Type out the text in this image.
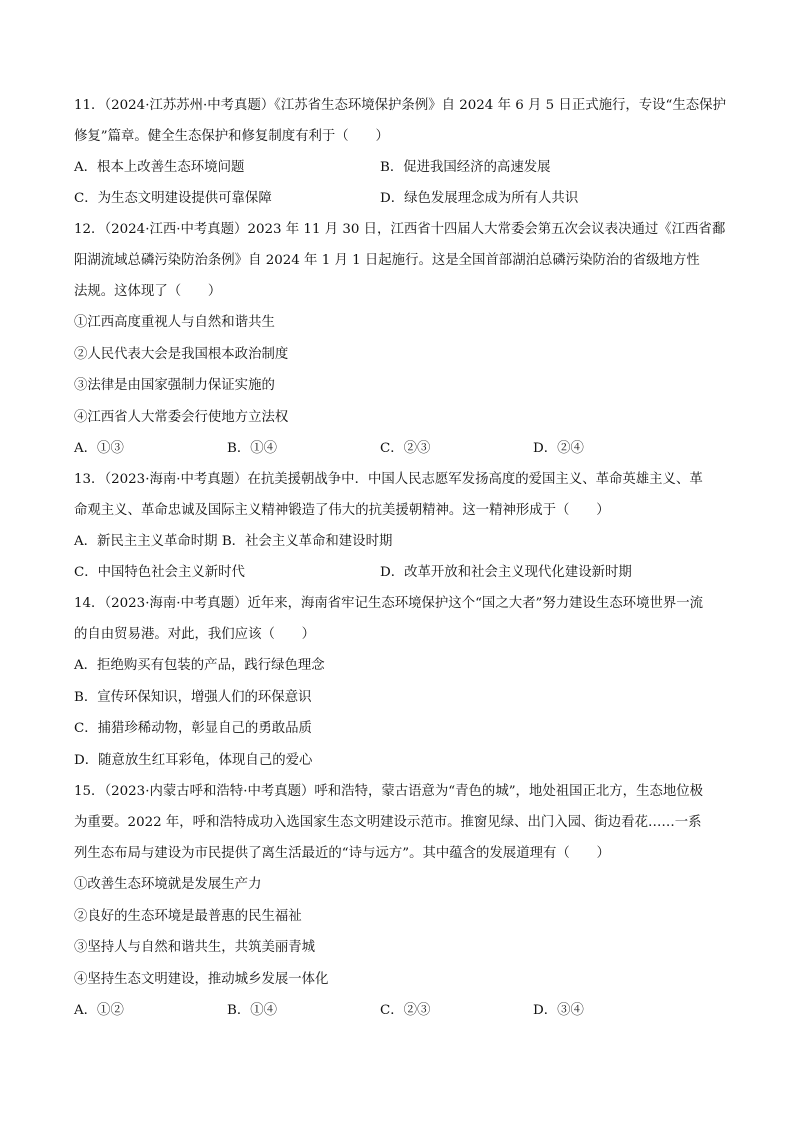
11．（2024·江苏苏州·中考真题）《江苏省生态环境保护条例》自 2024 年 6 月 5 日正式施行，专设“生态保护
修复”篇章。健全生态保护和修复制度有利于（　　）
A．根本上改善生态环境问题	B．促进我国经济的高速发展
C．为生态文明建设提供可靠保障	D．绿色发展理念成为所有人共识
12．（2024·江西·中考真题）2023 年 11 月 30 日，江西省十四届人大常委会第五次会议表决通过《江西省鄱
阳湖流域总磷污染防治条例》自 2024 年 1 月 1 日起施行。这是全国首部湖泊总磷污染防治的省级地方性
法规。这体现了（　　）
①江西高度重视人与自然和谐共生
②人民代表大会是我国根本政治制度
③法律是由国家强制力保证实施的
④江西省人大常委会行使地方立法权
A．①③	B．①④	C．②③	D．②④
13．（2023·海南·中考真题）在抗美援朝战争中．中国人民志愿军发扬高度的爱国主义、革命英雄主义、革
命观主义、革命忠诚及国际主义精神锻造了伟大的抗美援朝精神。这一精神形成于（　　）
A．新民主主义革命时期 B．社会主义革命和建设时期
C．中国特色社会主义新时代	D．改革开放和社会主义现代化建设新时期
14．（2023·海南·中考真题）近年来，海南省牢记生态环境保护这个“国之大者”努力建设生态环境世界一流
的自由贸易港。对此，我们应该（　　）
A．拒绝购买有包装的产品，践行绿色理念
B．宣传环保知识，增强人们的环保意识
C．捕猎珍稀动物，彰显自己的勇敢品质
D．随意放生红耳彩龟，体现自己的爱心
15．（2023·内蒙古呼和浩特·中考真题）呼和浩特，蒙古语意为“青色的城”，地处祖国正北方，生态地位极
为重要。2022 年，呼和浩特成功入选国家生态文明建设示范市。推窗见绿、出门入园、街边看花……一系
列生态布局与建设为市民提供了离生活最近的“诗与远方”。其中蕴含的发展道理有（　　）
①改善生态环境就是发展生产力
②良好的生态环境是最普惠的民生福祉
③坚持人与自然和谐共生，共筑美丽青城
④坚持生态文明建设，推动城乡发展一体化
A．①②	B．①④	C．②③	D．③④
